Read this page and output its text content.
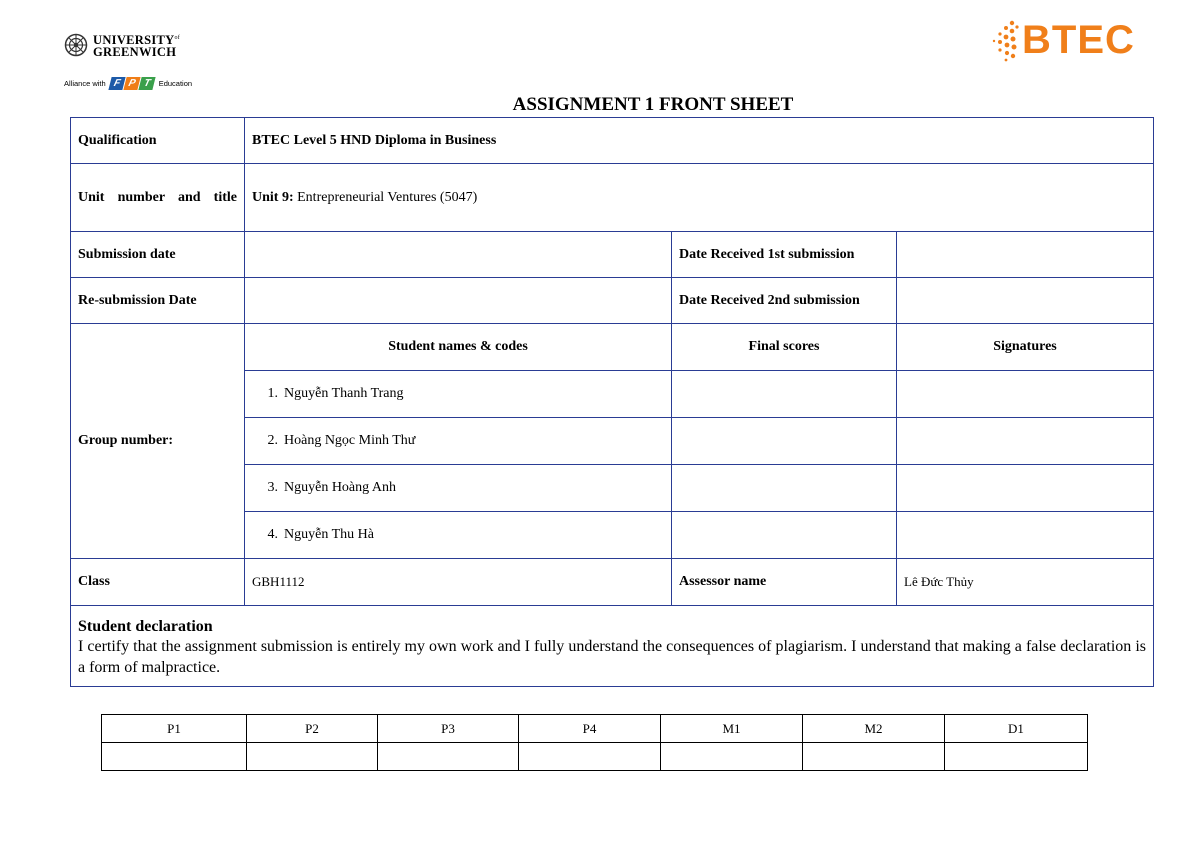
$UNIVERSITY^{of}$
GREENWICH
Alliance with F P T	Education
BTEC
ASSIGNMENT 1 FRONT SHEET
Qualification	BTEC Level 5 HND Diploma in Business		

Unit number and title	Unit 9: Entrepreneurial Ventures (5047)		
Submission date		Date Received 1st submission	
Re-submission Date		Date Received 2nd submission	
Group number:	Student names & codes	Final scores	Signatures
	1. Nguyễn Thanh Trang		
	2. Hoàng Ngọc Minh Thư		
	3. Nguyễn Hoàng Anh		
	4. Nguyễn Thu Hà		
Class	GBH1112	Assessor name	Lê Đức Thủy

Student declaration
I certify that the assignment submission is entirely my own work and I fully understand the consequences of plagiarism. I understand that making a false declaration is a form of malpractice.			
P1	P2	P3	P4	M1	M2	D1
